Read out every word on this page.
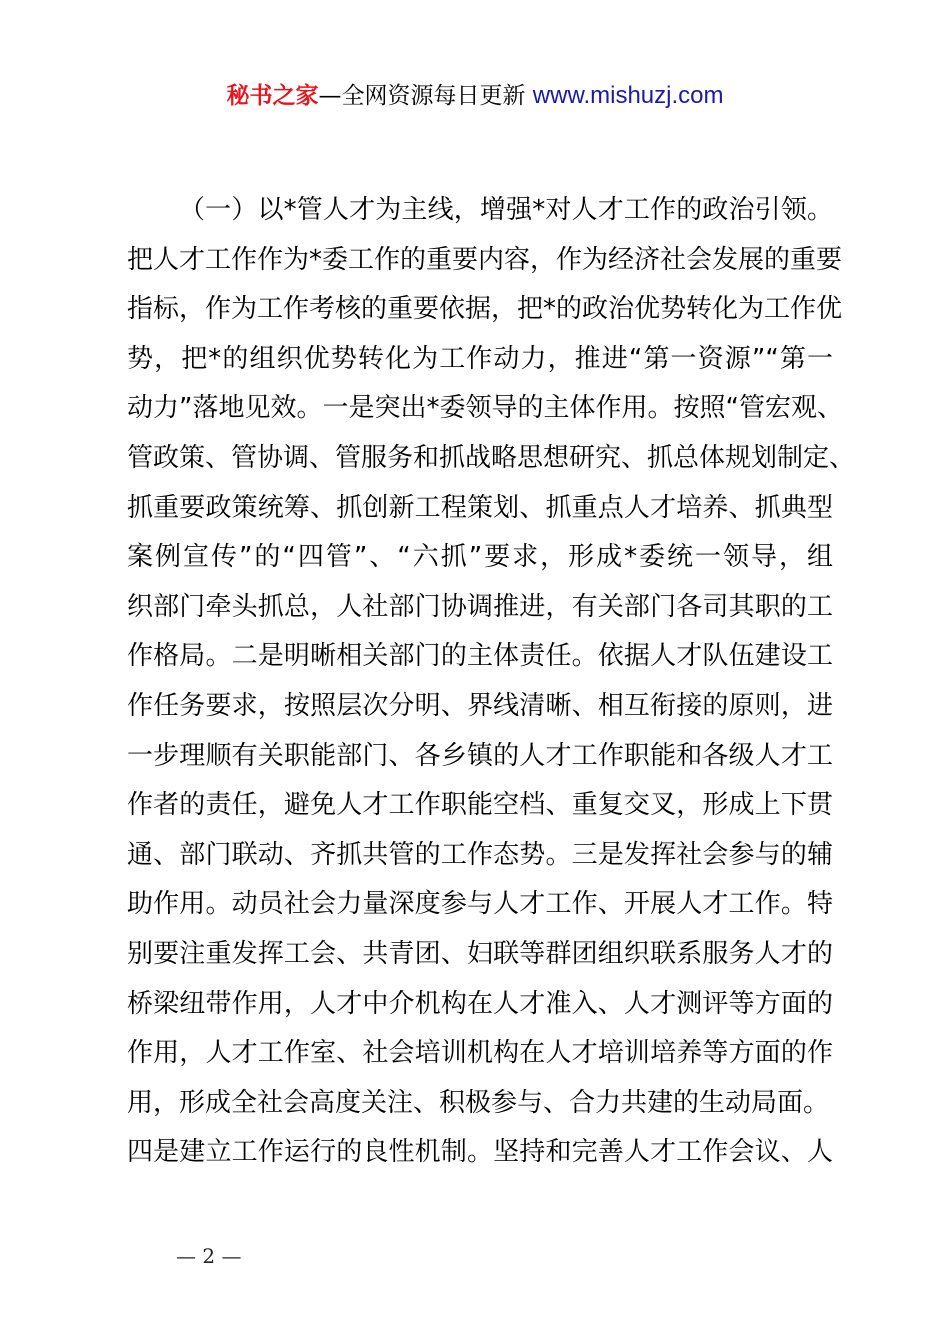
秘书之家—全网资源每日更新 www.mishuzj.com
（一）以*管人才为主线，增强*对人才工作的政治引领。
把人才工作作为*委工作的重要内容，作为经济社会发展的重要
指标，作为工作考核的重要依据，把*的政治优势转化为工作优
势，把*的组织优势转化为工作动力，推进“第一资源”“第一
动力”落地见效。一是突出*委领导的主体作用。按照“管宏观、
管政策、管协调、管服务和抓战略思想研究、抓总体规划制定、
抓重要政策统筹、抓创新工程策划、抓重点人才培养、抓典型
案例宣传”的“四管”、“六抓”要求，形成*委统一领导，组
织部门牵头抓总，人社部门协调推进，有关部门各司其职的工
作格局。二是明晰相关部门的主体责任。依据人才队伍建设工
作任务要求，按照层次分明、界线清晰、相互衔接的原则，进
一步理顺有关职能部门、各乡镇的人才工作职能和各级人才工
作者的责任，避免人才工作职能空档、重复交叉，形成上下贯
通、部门联动、齐抓共管的工作态势。三是发挥社会参与的辅
助作用。动员社会力量深度参与人才工作、开展人才工作。特
别要注重发挥工会、共青团、妇联等群团组织联系服务人才的
桥梁纽带作用，人才中介机构在人才准入、人才测评等方面的
作用，人才工作室、社会培训机构在人才培训培养等方面的作
用，形成全社会高度关注、积极参与、合力共建的生动局面。
四是建立工作运行的良性机制。坚持和完善人才工作会议、人
— 2 —
